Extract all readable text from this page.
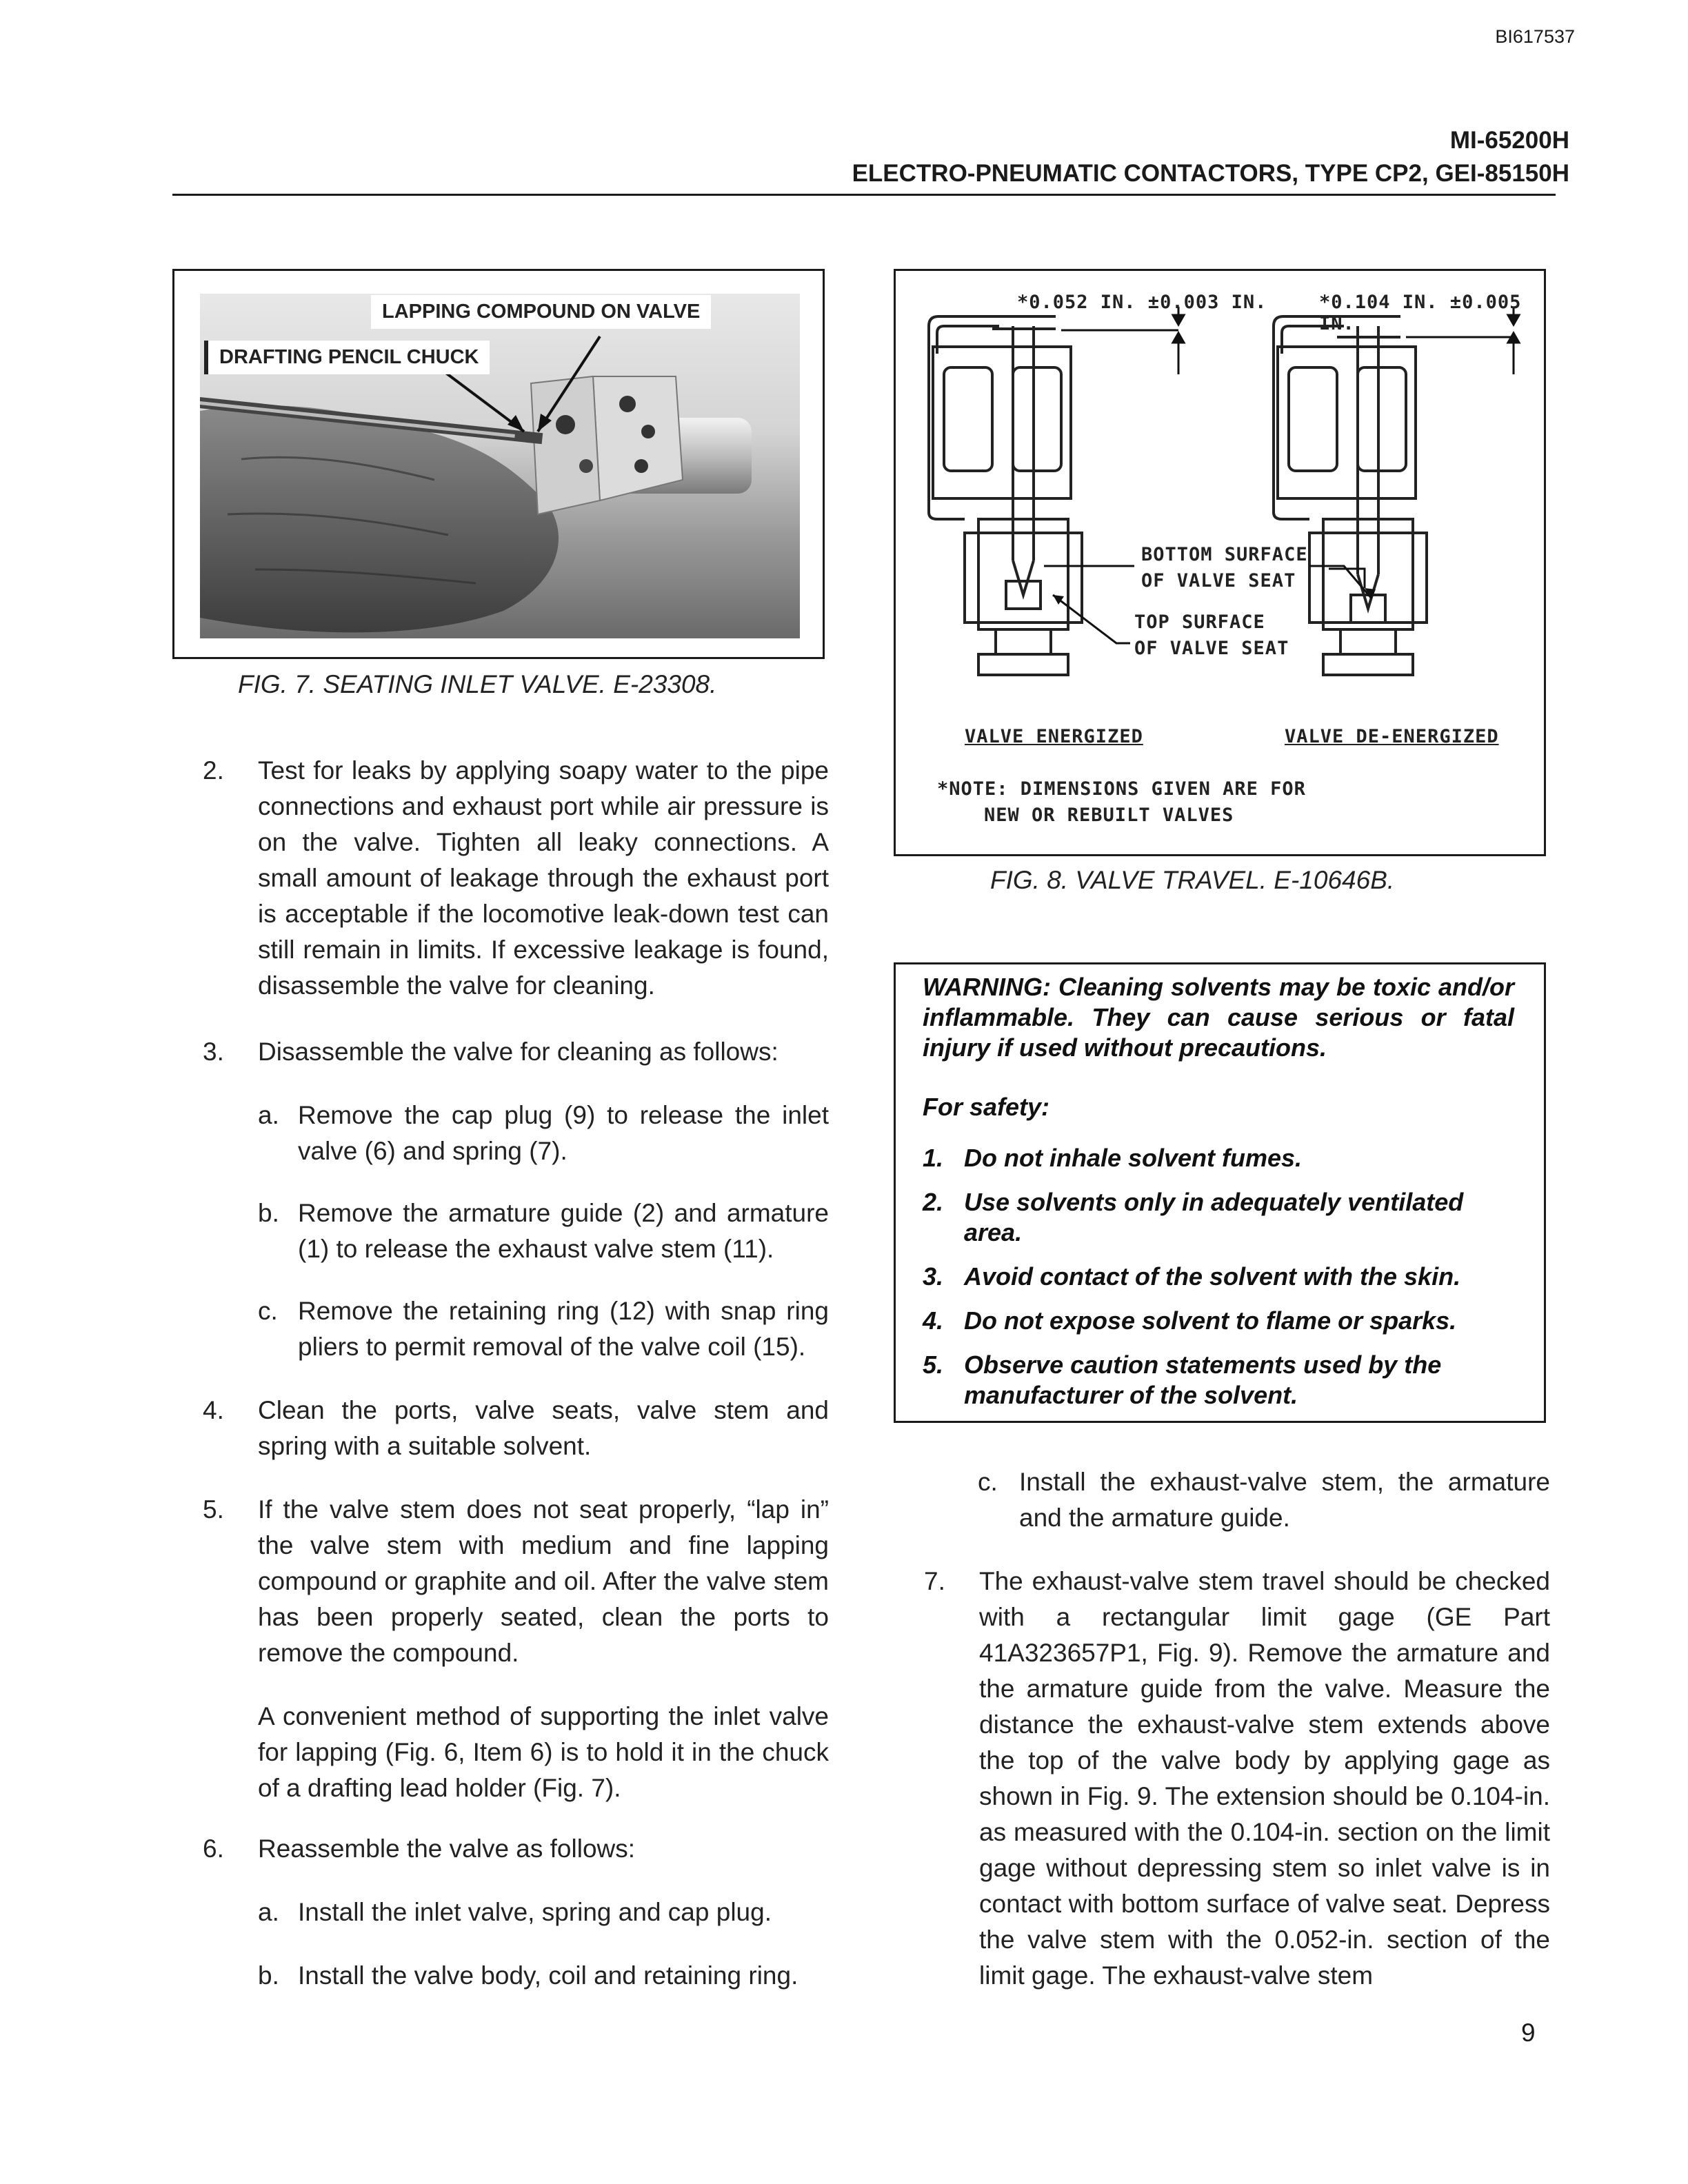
BI617537
MI-65200H
ELECTRO-PNEUMATIC CONTACTORS, TYPE CP2, GEI-85150H
LAPPING COMPOUND ON VALVE
DRAFTING PENCIL CHUCK
FIG. 7. SEATING INLET VALVE. E-23308.
2. Test for leaks by applying soapy water to the pipe connections and exhaust port while air pressure is on the valve. Tighten all leaky connections. A small amount of leakage through the exhaust port is acceptable if the locomotive leak-down test can still remain in limits. If excessive leakage is found, disassemble the valve for cleaning.
3. Disassemble the valve for cleaning as follows:
a. Remove the cap plug (9) to release the inlet valve (6) and spring (7).
b. Remove the armature guide (2) and armature (1) to release the exhaust valve stem (11).
c. Remove the retaining ring (12) with snap ring pliers to permit removal of the valve coil (15).
4. Clean the ports, valve seats, valve stem and spring with a suitable solvent.
5. If the valve stem does not seat properly, “lap in” the valve stem with medium and fine lapping compound or graphite and oil. After the valve stem has been properly seated, clean the ports to remove the compound.
A convenient method of supporting the inlet valve for lapping (Fig. 6, Item 6) is to hold it in the chuck of a drafting lead holder (Fig. 7).
6. Reassemble the valve as follows:
a. Install the inlet valve, spring and cap plug.
b. Install the valve body, coil and retaining ring.
*0.052 IN. ±0.003 IN.	*0.104 IN. ±0.005 IN.
BOTTOM SURFACE
OF VALVE SEAT
TOP SURFACE
OF VALVE SEAT
VALVE ENERGIZED	VALVE DE-ENERGIZED
*NOTE: DIMENSIONS GIVEN ARE FOR
NEW OR REBUILT VALVES
FIG. 8. VALVE TRAVEL. E-10646B.
WARNING: Cleaning solvents may be toxic and/or inflammable. They can cause serious or fatal injury if used without precautions.
For safety:
1. Do not inhale solvent fumes.
2. Use solvents only in adequately ventilated area.
3. Avoid contact of the solvent with the skin.
4. Do not expose solvent to flame or sparks.
5. Observe caution statements used by the manufacturer of the solvent.
c. Install the exhaust-valve stem, the armature and the armature guide.
7. The exhaust-valve stem travel should be checked with a rectangular limit gage (GE Part 41A323657P1, Fig. 9). Remove the armature and the armature guide from the valve. Measure the distance the exhaust-valve stem extends above the top of the valve body by applying gage as shown in Fig. 9. The extension should be 0.104-in. as measured with the 0.104-in. section on the limit gage without depressing stem so inlet valve is in contact with bottom surface of valve seat. Depress the valve stem with the 0.052-in. section of the limit gage. The exhaust-valve stem
9
